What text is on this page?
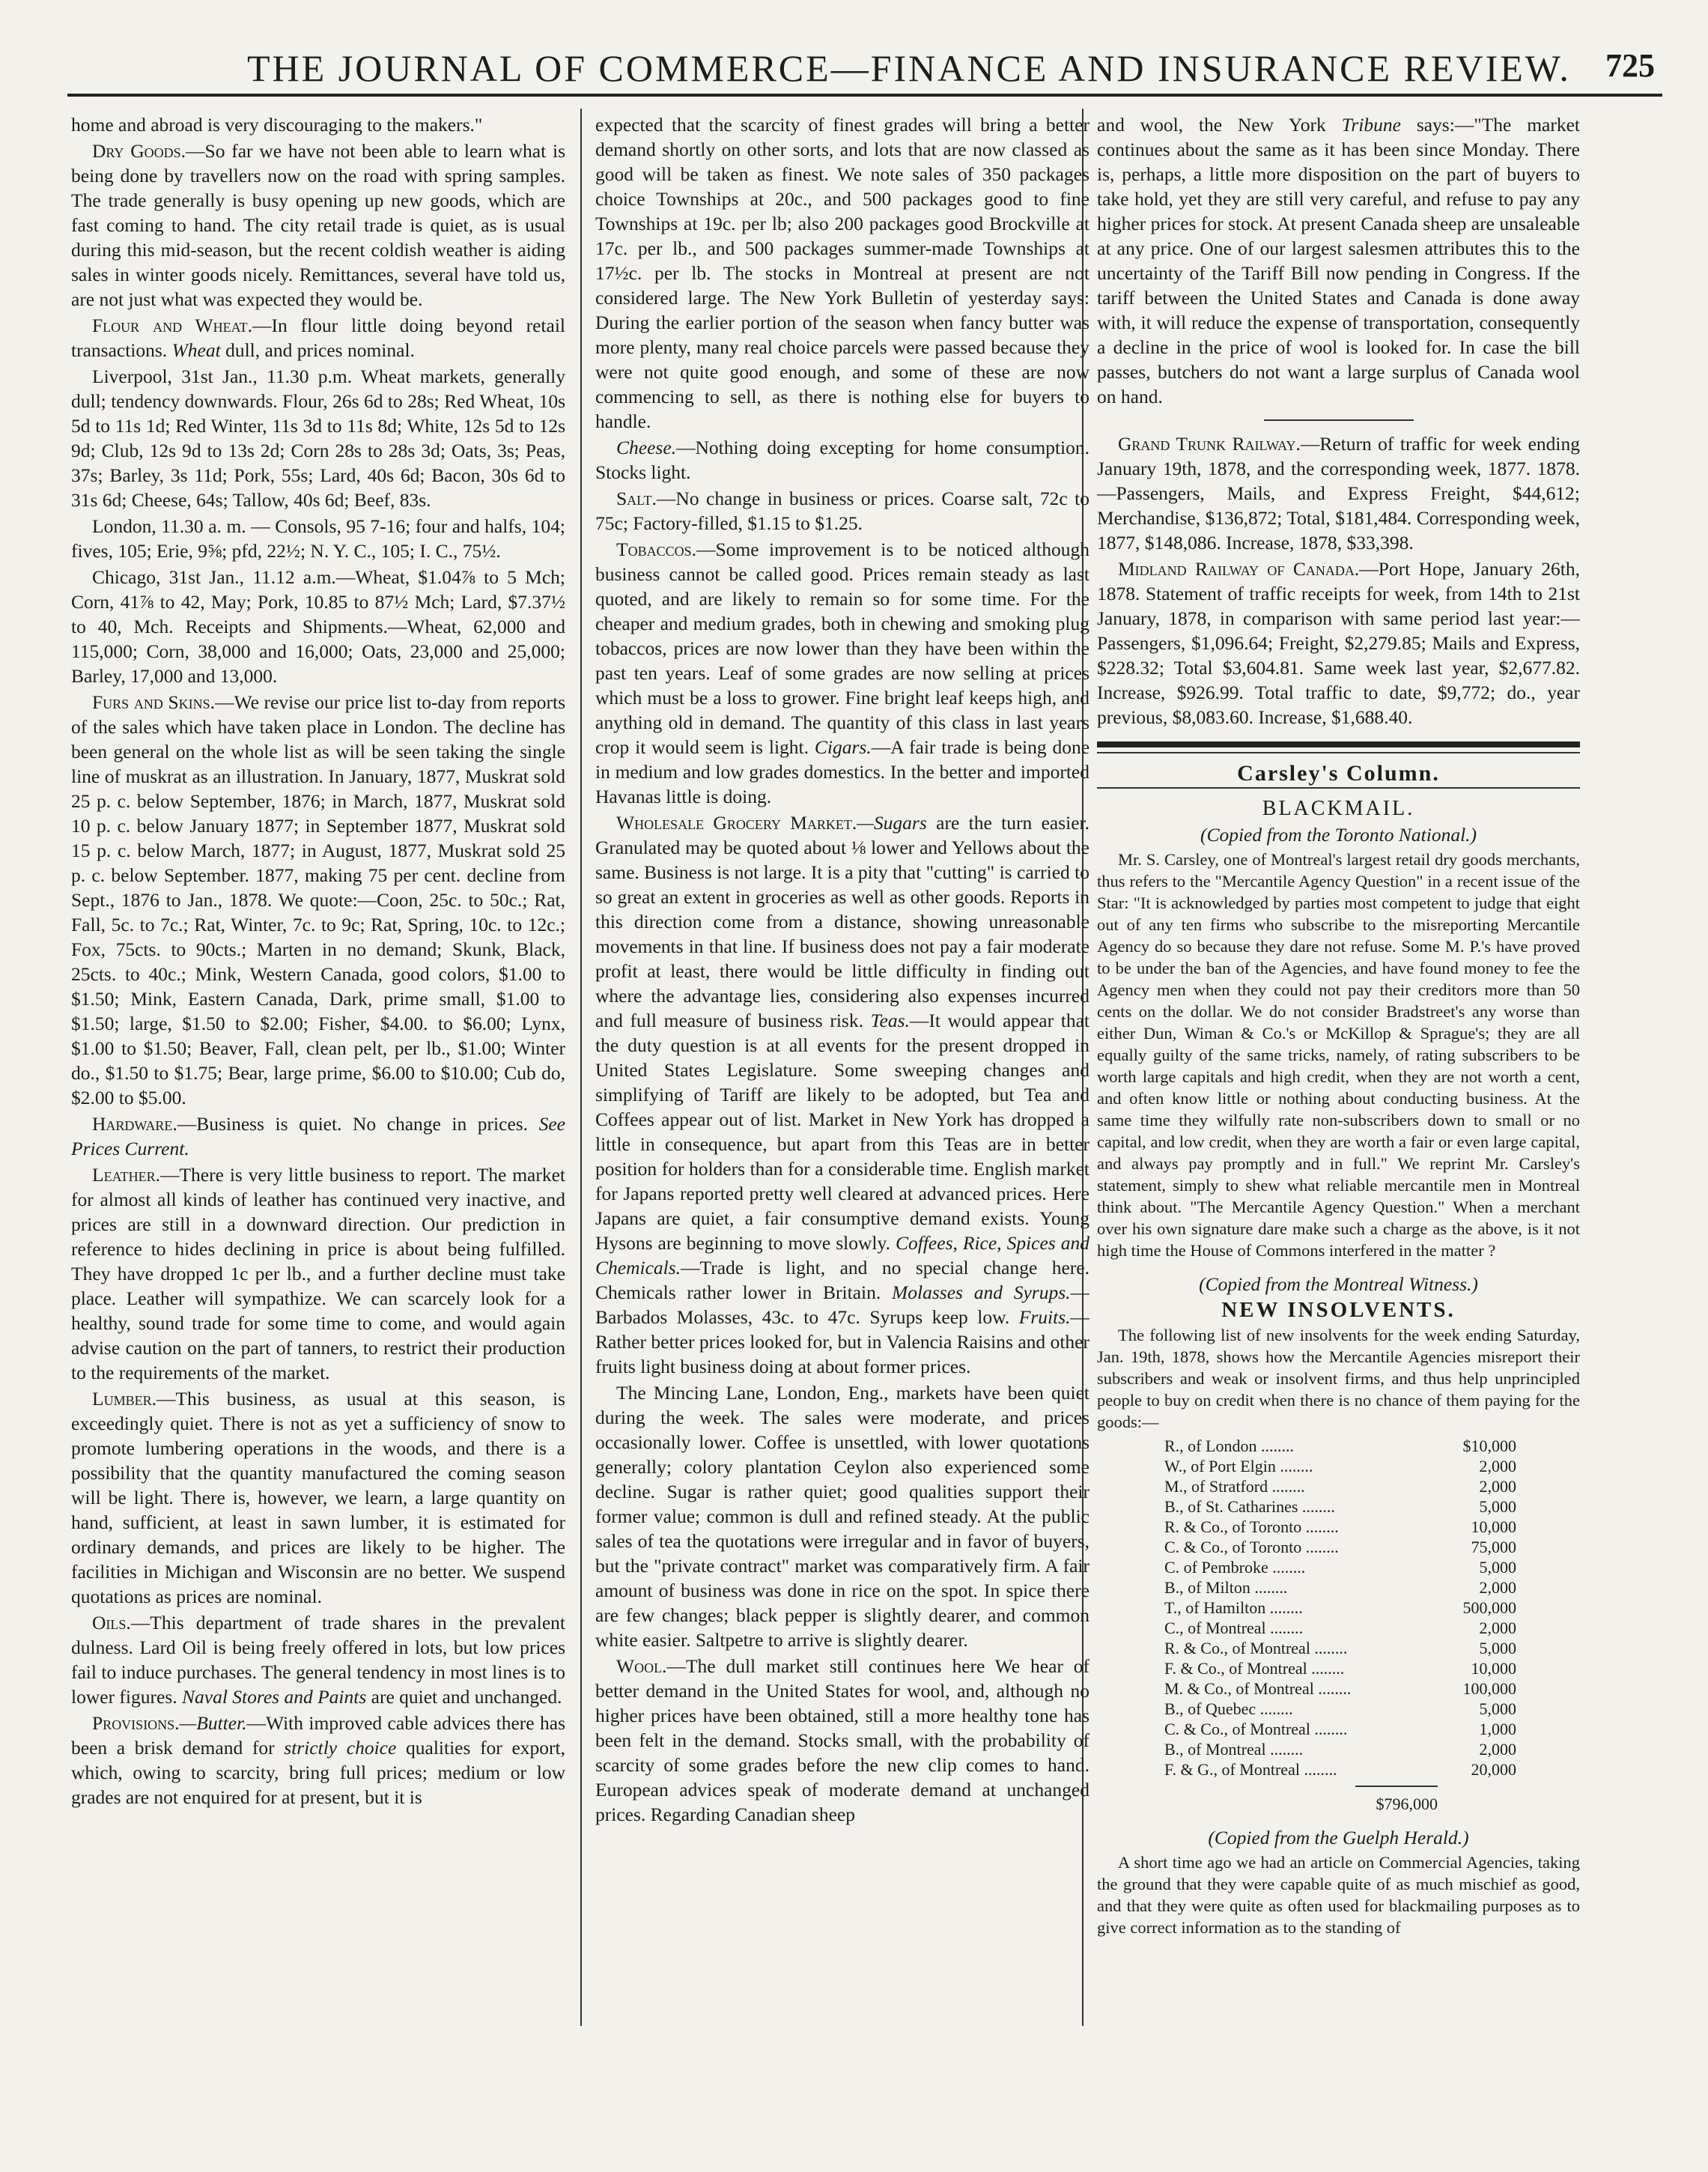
THE JOURNAL OF COMMERCE—FINANCE AND INSURANCE REVIEW. 725

home and abroad is very discouraging to the makers."

Dry Goods.—So far we have not been able to learn what is being done by travellers now on the road with spring samples. The trade generally is busy opening up new goods, which are fast coming to hand. The city retail trade is quiet, as is usual during this mid-season, but the recent coldish weather is aiding sales in winter goods nicely. Remittances, several have told us, are not just what was expected they would be.

Flour and Wheat.—In flour little doing beyond retail transactions. Wheat dull, and prices nominal.

Liverpool, 31st Jan., 11.30 p.m. Wheat markets, generally dull; tendency downwards. Flour, 26s 6d to 28s; Red Wheat, 10s 5d to 11s 1d; Red Winter, 11s 3d to 11s 8d; White, 12s 5d to 12s 9d; Club, 12s 9d to 13s 2d; Corn 28s to 28s 3d; Oats, 3s; Peas, 37s; Barley, 3s 11d; Pork, 55s; Lard, 40s 6d; Bacon, 30s 6d to 31s 6d; Cheese, 64s; Tallow, 40s 6d; Beef, 83s.

London, 11.30 a. m. — Consols, 95 7-16; four and halfs, 104; fives, 105; Erie, 9⅝; pfd, 22½; N. Y. C., 105; I. C., 75½.

Chicago, 31st Jan., 11.12 a.m.—Wheat, $1.04⅞ to 5 Mch; Corn, 41⅞ to 42, May; Pork, 10.85 to 87½ Mch; Lard, $7.37½ to 40, Mch. Receipts and Shipments.—Wheat, 62,000 and 115,000; Corn, 38,000 and 16,000; Oats, 23,000 and 25,000; Barley, 17,000 and 13,000.

Furs and Skins.—We revise our price list to-day from reports of the sales which have taken place in London. The decline has been general on the whole list as will be seen taking the single line of muskrat as an illustration. In January, 1877, Muskrat sold 25 p. c. below September, 1876; in March, 1877, Muskrat sold 10 p. c. below January 1877; in September 1877, Muskrat sold 15 p. c. below March, 1877; in August, 1877, Muskrat sold 25 p. c. below September. 1877, making 75 per cent. decline from Sept., 1876 to Jan., 1878. We quote:—Coon, 25c. to 50c.; Rat, Fall, 5c. to 7c.; Rat, Winter, 7c. to 9c; Rat, Spring, 10c. to 12c.; Fox, 75cts. to 90cts.; Marten in no demand; Skunk, Black, 25cts. to 40c.; Mink, Western Canada, good colors, $1.00 to $1.50; Mink, Eastern Canada, Dark, prime small, $1.00 to $1.50; large, $1.50 to $2.00; Fisher, $4.00. to $6.00; Lynx, $1.00 to $1.50; Beaver, Fall, clean pelt, per lb., $1.00; Winter do., $1.50 to $1.75; Bear, large prime, $6.00 to $10.00; Cub do, $2.00 to $5.00.

Hardware.—Business is quiet. No change in prices. See Prices Current.

Leather.—There is very little business to report. The market for almost all kinds of leather has continued very inactive, and prices are still in a downward direction. Our prediction in reference to hides declining in price is about being fulfilled. They have dropped 1c per lb., and a further decline must take place. Leather will sympathize. We can scarcely look for a healthy, sound trade for some time to come, and would again advise caution on the part of tanners, to restrict their production to the requirements of the market.

Lumber.—This business, as usual at this season, is exceedingly quiet. There is not as yet a sufficiency of snow to promote lumbering operations in the woods, and there is a possibility that the quantity manufactured the coming season will be light. There is, however, we learn, a large quantity on hand, sufficient, at least in sawn lumber, it is estimated for ordinary demands, and prices are likely to be higher. The facilities in Michigan and Wisconsin are no better. We suspend quotations as prices are nominal.

Oils.—This department of trade shares in the prevalent dulness. Lard Oil is being freely offered in lots, but low prices fail to induce purchases. The general tendency in most lines is to lower figures. Naval Stores and Paints are quiet and unchanged.

Provisions.—Butter.—With improved cable advices there has been a brisk demand for strictly choice qualities for export, which, owing to scarcity, bring full prices; medium or low grades are not enquired for at present, but it is

expected that the scarcity of finest grades will bring a better demand shortly on other sorts, and lots that are now classed as good will be taken as finest. We note sales of 350 packages choice Townships at 20c., and 500 packages good to fine Townships at 19c. per lb; also 200 packages good Brockville at 17c. per lb., and 500 packages summer-made Townships at 17½c. per lb. The stocks in Montreal at present are not considered large. The New York Bulletin of yesterday says: During the earlier portion of the season when fancy butter was more plenty, many real choice parcels were passed because they were not quite good enough, and some of these are now commencing to sell, as there is nothing else for buyers to handle.

Cheese.—Nothing doing excepting for home consumption. Stocks light.

Salt.—No change in business or prices. Coarse salt, 72c to 75c; Factory-filled, $1.15 to $1.25.

Tobaccos.—Some improvement is to be noticed although business cannot be called good. Prices remain steady as last quoted, and are likely to remain so for some time. For the cheaper and medium grades, both in chewing and smoking plug tobaccos, prices are now lower than they have been within the past ten years. Leaf of some grades are now selling at prices which must be a loss to grower. Fine bright leaf keeps high, and anything old in demand. The quantity of this class in last years crop it would seem is light. Cigars.—A fair trade is being done in medium and low grades domestics. In the better and imported Havanas little is doing.

Wholesale Grocery Market.—Sugars are the turn easier. Granulated may be quoted about ⅛ lower and Yellows about the same. Business is not large. It is a pity that "cutting" is carried to so great an extent in groceries as well as other goods. Reports in this direction come from a distance, showing unreasonable movements in that line. If business does not pay a fair moderate profit at least, there would be little difficulty in finding out where the advantage lies, considering also expenses incurred and full measure of business risk. Teas.—It would appear that the duty question is at all events for the present dropped in United States Legislature. Some sweeping changes and simplifying of Tariff are likely to be adopted, but Tea and Coffees appear out of list. Market in New York has dropped a little in consequence, but apart from this Teas are in better position for holders than for a considerable time. English market for Japans reported pretty well cleared at advanced prices. Here Japans are quiet, a fair consumptive demand exists. Young Hysons are beginning to move slowly. Coffees, Rice, Spices and Chemicals.—Trade is light, and no special change here. Chemicals rather lower in Britain. Molasses and Syrups.—Barbados Molasses, 43c. to 47c. Syrups keep low. Fruits.— Rather better prices looked for, but in Valencia Raisins and other fruits light business doing at about former prices.

The Mincing Lane, London, Eng., markets have been quiet during the week. The sales were moderate, and prices occasionally lower. Coffee is unsettled, with lower quotations generally; colory plantation Ceylon also experienced some decline. Sugar is rather quiet; good qualities support their former value; common is dull and refined steady. At the public sales of tea the quotations were irregular and in favor of buyers, but the "private contract" market was comparatively firm. A fair amount of business was done in rice on the spot. In spice there are few changes; black pepper is slightly dearer, and common white easier. Saltpetre to arrive is slightly dearer.

Wool.—The dull market still continues here We hear of better demand in the United States for wool, and, although no higher prices have been obtained, still a more healthy tone has been felt in the demand. Stocks small, with the probability of scarcity of some grades before the new clip comes to hand. European advices speak of moderate demand at unchanged prices. Regarding Canadian sheep

and wool, the New York Tribune says:—"The market continues about the same as it has been since Monday. There is, perhaps, a little more disposition on the part of buyers to take hold, yet they are still very careful, and refuse to pay any higher prices for stock. At present Canada sheep are unsaleable at any price. One of our largest salesmen attributes this to the uncertainty of the Tariff Bill now pending in Congress. If the tariff between the United States and Canada is done away with, it will reduce the expense of transportation, consequently a decline in the price of wool is looked for. In case the bill passes, butchers do not want a large surplus of Canada wool on hand.

Grand Trunk Railway.—Return of traffic for week ending January 19th, 1878, and the corresponding week, 1877. 1878.—Passengers, Mails, and Express Freight, $44,612; Merchandise, $136,872; Total, $181,484. Corresponding week, 1877, $148,086. Increase, 1878, $33,398.

Midland Railway of Canada.—Port Hope, January 26th, 1878. Statement of traffic receipts for week, from 14th to 21st January, 1878, in comparison with same period last year:—Passengers, $1,096.64; Freight, $2,279.85; Mails and Express, $228.32; Total $3,604.81. Same week last year, $2,677.82. Increase, $926.99. Total traffic to date, $9,772; do., year previous, $8,083.60. Increase, $1,688.40.

Carsley's Column.

BLACKMAIL.

(Copied from the Toronto National.)

Mr. S. Carsley, one of Montreal's largest retail dry goods merchants, thus refers to the "Mercantile Agency Question" in a recent issue of the Star: "It is acknowledged by parties most competent to judge that eight out of any ten firms who subscribe to the misreporting Mercantile Agency do so because they dare not refuse. Some M. P.'s have proved to be under the ban of the Agencies, and have found money to fee the Agency men when they could not pay their creditors more than 50 cents on the dollar. We do not consider Bradstreet's any worse than either Dun, Wiman & Co.'s or McKillop & Sprague's; they are all equally guilty of the same tricks, namely, of rating subscribers to be worth large capitals and high credit, when they are not worth a cent, and often know little or nothing about conducting business. At the same time they wilfully rate non-subscribers down to small or no capital, and low credit, when they are worth a fair or even large capital, and always pay promptly and in full." We reprint Mr. Carsley's statement, simply to shew what reliable mercantile men in Montreal think about. "The Mercantile Agency Question." When a merchant over his own signature dare make such a charge as the above, is it not high time the House of Commons interfered in the matter ?

(Copied from the Montreal Witness.)

NEW INSOLVENTS.

The following list of new insolvents for the week ending Saturday, Jan. 19th, 1878, shows how the Mercantile Agencies misreport their subscribers and weak or insolvent firms, and thus help unprincipled people to buy on credit when there is no chance of them paying for the goods:—

R., of London ........	$10,000
W., of Port Elgin ........	2,000
M., of Stratford ........	2,000
B., of St. Catharines ........	5,000
R. & Co., of Toronto ........	10,000
C. & Co., of Toronto ........	75,000
C. of Pembroke ........	5,000
B., of Milton ........	2,000
T., of Hamilton ........	500,000
C., of Montreal ........	2,000
R. & Co., of Montreal ........	5,000
F. & Co., of Montreal ........	10,000
M. & Co., of Montreal ........	100,000
B., of Quebec ........	5,000
C. & Co., of Montreal ........	1,000
B., of Montreal ........	2,000
F. & G., of Montreal ........	20,000
$796,000

(Copied from the Guelph Herald.)

A short time ago we had an article on Commercial Agencies, taking the ground that they were capable quite of as much mischief as good, and that they were quite as often used for blackmailing purposes as to give correct information as to the standing of
